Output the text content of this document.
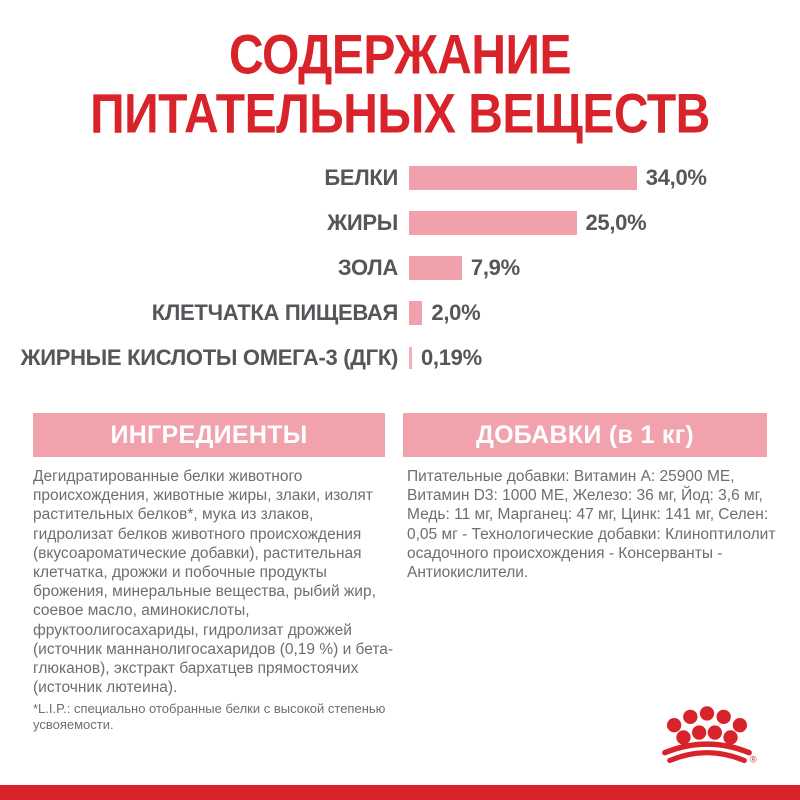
СОДЕРЖАНИЕ
ПИТАТЕЛЬНЫХ ВЕЩЕСТВ
БЕЛКИ	34,0%
ЖИРЫ	25,0%
ЗОЛА	7,9%
КЛЕТЧАТКА ПИЩЕВАЯ 2,0%
ЖИРНЫЕ КИСЛОТЫ ОМЕГА-3 (ДГК) 0,19%
ИНГРЕДИЕНТЫ	ДОБАВКИ (в 1 кг)
Дегидратированные белки животного происхождения, животные жиры, злаки, изолят растительных белков*, мука из злаков, гидролизат белков животного происхождения (вкусоароматические добавки), растительная клетчатка, дрожжи и побочные продукты брожения, минеральные вещества, рыбий жир, соевое масло, аминокислоты, фруктоолигосахариды, гидролизат дрожжей (источник маннанолигосахаридов (0,19 %) и бета-глюканов), экстракт бархатцев прямостоячих (источник лютеина).
*L.I.P.: специально отобранные белки с высокой степенью усвояемости.
Питательные добавки: Витамин A: 25900 МЕ, Витамин D3: 1000 МЕ, Железо: 36 мг, Йод: 3,6 мг, Медь: 11 мг, Марганец: 47 мг, Цинк: 141 мг, Селен: 0,05 мг - Технологические добавки: Клиноптилолит осадочного происхождения - Консерванты - Антиокислители.
®
